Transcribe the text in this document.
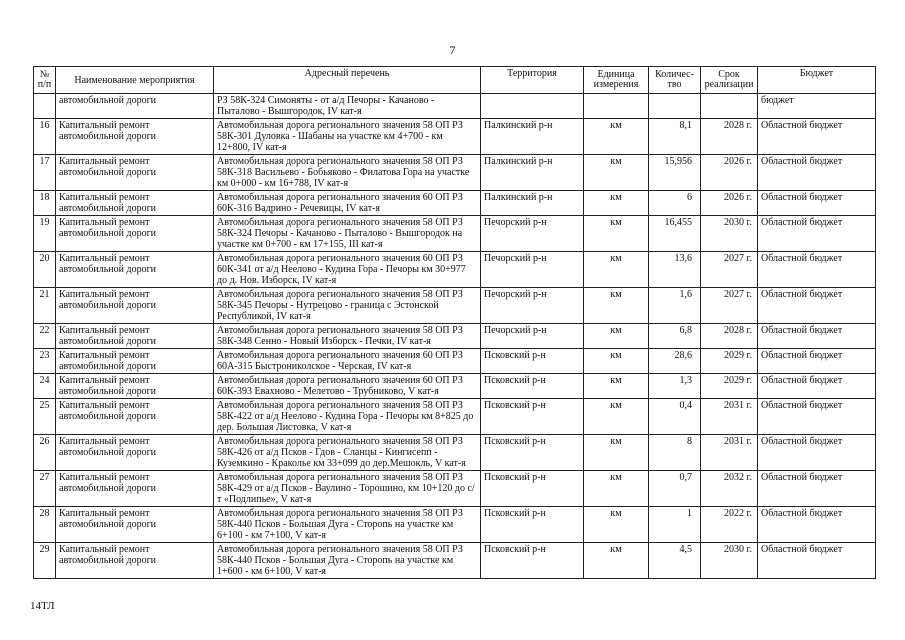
7
№ п/п	Наименование мероприятия	Адресный перечень	Территория	Единица измерения	Количес-тво	Срок реализации	Бюджет
	автомобильной дороги	РЗ 58К-324 Симоняты - от а/д Печоры - Качаново - Пыталово - Вышгородок, IV кат-я					бюджет
16	Капитальный ремонт автомобильной дороги	Автомобильная дорога регионального значения 58 ОП РЗ 58К-301 Дуловка - Шабаны на участке км 4+700 - км 12+800, IV кат-я	Палкинский р-н	км	8,1	2028 г.	Областной бюджет
17	Капитальный ремонт автомобильной дороги	Автомобильная дорога регионального значения 58 ОП РЗ 58К-318 Васильево - Бобьяково - Филатова Гора на участке км 0+000 - км 16+788, IV кат-я	Палкинский р-н	км	15,956	2026 г.	Областной бюджет
18	Капитальный ремонт автомобильной дороги	Автомобильная дорога регионального значения 60 ОП РЗ 60К-316 Вадрино - Речевицы, IV кат-я	Палкинский р-н	км	6	2026 г.	Областной бюджет
19	Капитальный ремонт автомобильной дороги	Автомобильная дорога регионального значения 58 ОП РЗ 58К-324 Печоры - Качаново - Пыталово - Вышгородок на участке км 0+700 - км 17+155, III кат-я	Печорский р-н	км	16,455	2030 г.	Областной бюджет
20	Капитальный ремонт автомобильной дороги	Автомобильная дорога регионального значения 60 ОП РЗ 60К-341 от а/д Неелово - Кудина Гора - Печоры км 30+977 до д. Нов. Изборск, IV кат-я	Печорский р-н	км	13,6	2027 г.	Областной бюджет
21	Капитальный ремонт автомобильной дороги	Автомобильная дорога регионального значения 58 ОП РЗ 58К-345 Печоры - Нутрецово - граница с Эстонской Республикой, IV кат-я	Печорский р-н	км	1,6	2027 г.	Областной бюджет
22	Капитальный ремонт автомобильной дороги	Автомобильная дорога регионального значения 58 ОП РЗ 58К-348 Сенно - Новый Изборск - Печки, IV кат-я	Печорский р-н	км	6,8	2028 г.	Областной бюджет
23	Капитальный ремонт автомобильной дороги	Автомобильная дорога регионального значения 60 ОП РЗ 60А-315 Быстрониколское - Черская, IV кат-я	Псковский р-н	км	28,6	2029 г.	Областной бюджет
24	Капитальный ремонт автомобильной дороги	Автомобильная дорога регионального значения 60 ОП РЗ 60К-393 Евахново - Мелетово - Трубниково, V кат-я	Псковский р-н	км	1,3	2029 г.	Областной бюджет
25	Капитальный ремонт автомобильной дороги	Автомобильная дорога регионального значения 58 ОП РЗ 58К-422 от а/д Неелово - Кудина Гора - Печоры км 8+825 до дер. Большая Листовка, V кат-я	Псковский р-н	км	0,4	2031 г.	Областной бюджет
26	Капитальный ремонт автомобильной дороги	Автомобильная дорога регионального значения 58 ОП РЗ 58К-426 от а/д Псков - Гдов - Сланцы - Кингисепп - Куземкино - Краколье км 33+099 до дер.Мешокль, V кат-я	Псковский р-н	км	8	2031 г.	Областной бюджет
27	Капитальный ремонт автомобильной дороги	Автомобильная дорога регионального значения 58 ОП РЗ 58К-429 от а/д Псков - Ваулино - Торошино, км 10+120 до с/т «Подлипье», V кат-я	Псковский р-н	км	0,7	2032 г.	Областной бюджет
28	Капитальный ремонт автомобильной дороги	Автомобильная дорога регионального значения 58 ОП РЗ 58К-440 Псков - Большая Дуга - Сторопь на участке км 6+100 - км 7+100, V кат-я	Псковский р-н	км	1	2022 г.	Областной бюджет
29	Капитальный ремонт автомобильной дороги	Автомобильная дорога регионального значения 58 ОП РЗ 58К-440 Псков - Большая Дуга - Сторопь на участке км 1+600 - км 6+100, V кат-я	Псковский р-н	км	4,5	2030 г.	Областной бюджет
14ТЛ
